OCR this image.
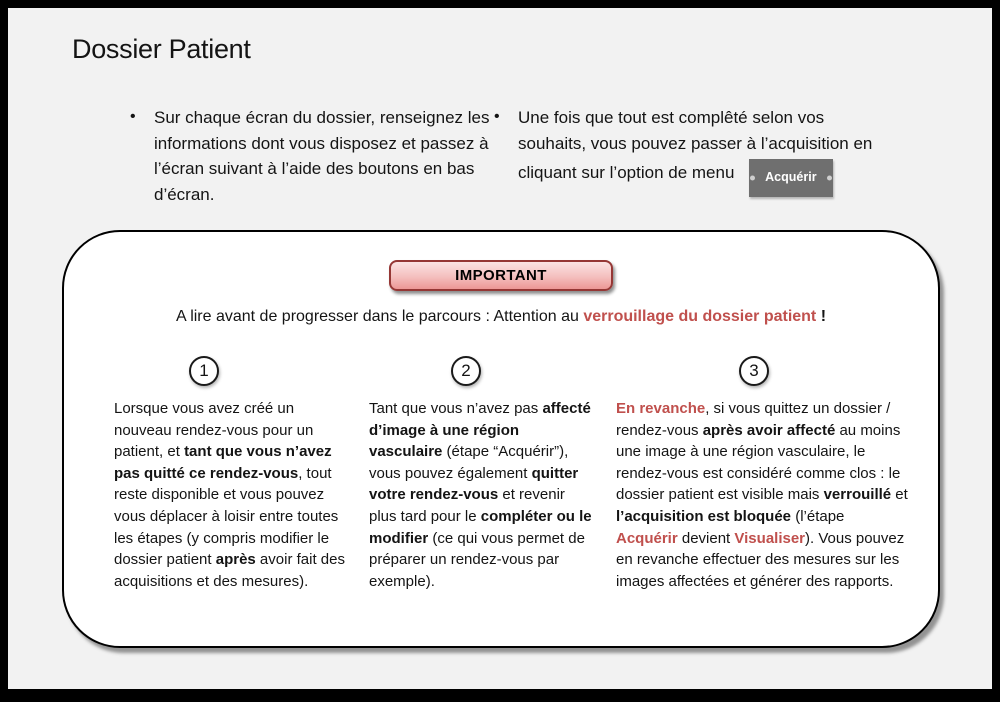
Dossier Patient
• Sur chaque écran du dossier, renseignez les informations dont vous disposez et passez à l’écran suivant à l’aide des boutons en bas d’écran.
• Une fois que tout est complêté selon vos souhaits, vous pouvez passer à l’acquisition en cliquant sur l’option de menu Acquérir
IMPORTANT
A lire avant de progresser dans le parcours : Attention au verrouillage du dossier patient !
1	2	3
Lorsque vous avez créé un nouveau rendez-vous pour un patient, et tant que vous n’avez pas quitté ce rendez-vous, tout reste disponible et vous pouvez vous déplacer à loisir entre toutes les étapes (y compris modifier le dossier patient après avoir fait des acquisitions et des mesures).
Tant que vous n’avez pas affecté d’image à une région vasculaire (étape “Acquérir”), vous pouvez également quitter votre rendez-vous et revenir plus tard pour le compléter ou le modifier (ce qui vous permet de préparer un rendez-vous par exemple).
En revanche, si vous quittez un dossier / rendez-vous après avoir affecté au moins une image à une région vasculaire, le rendez-vous est considéré comme clos : le dossier patient est visible mais verrouillé et l’acquisition est bloquée (l’étape Acquérir devient Visualiser). Vous pouvez en revanche effectuer des mesures sur les images affectées et générer des rapports.
